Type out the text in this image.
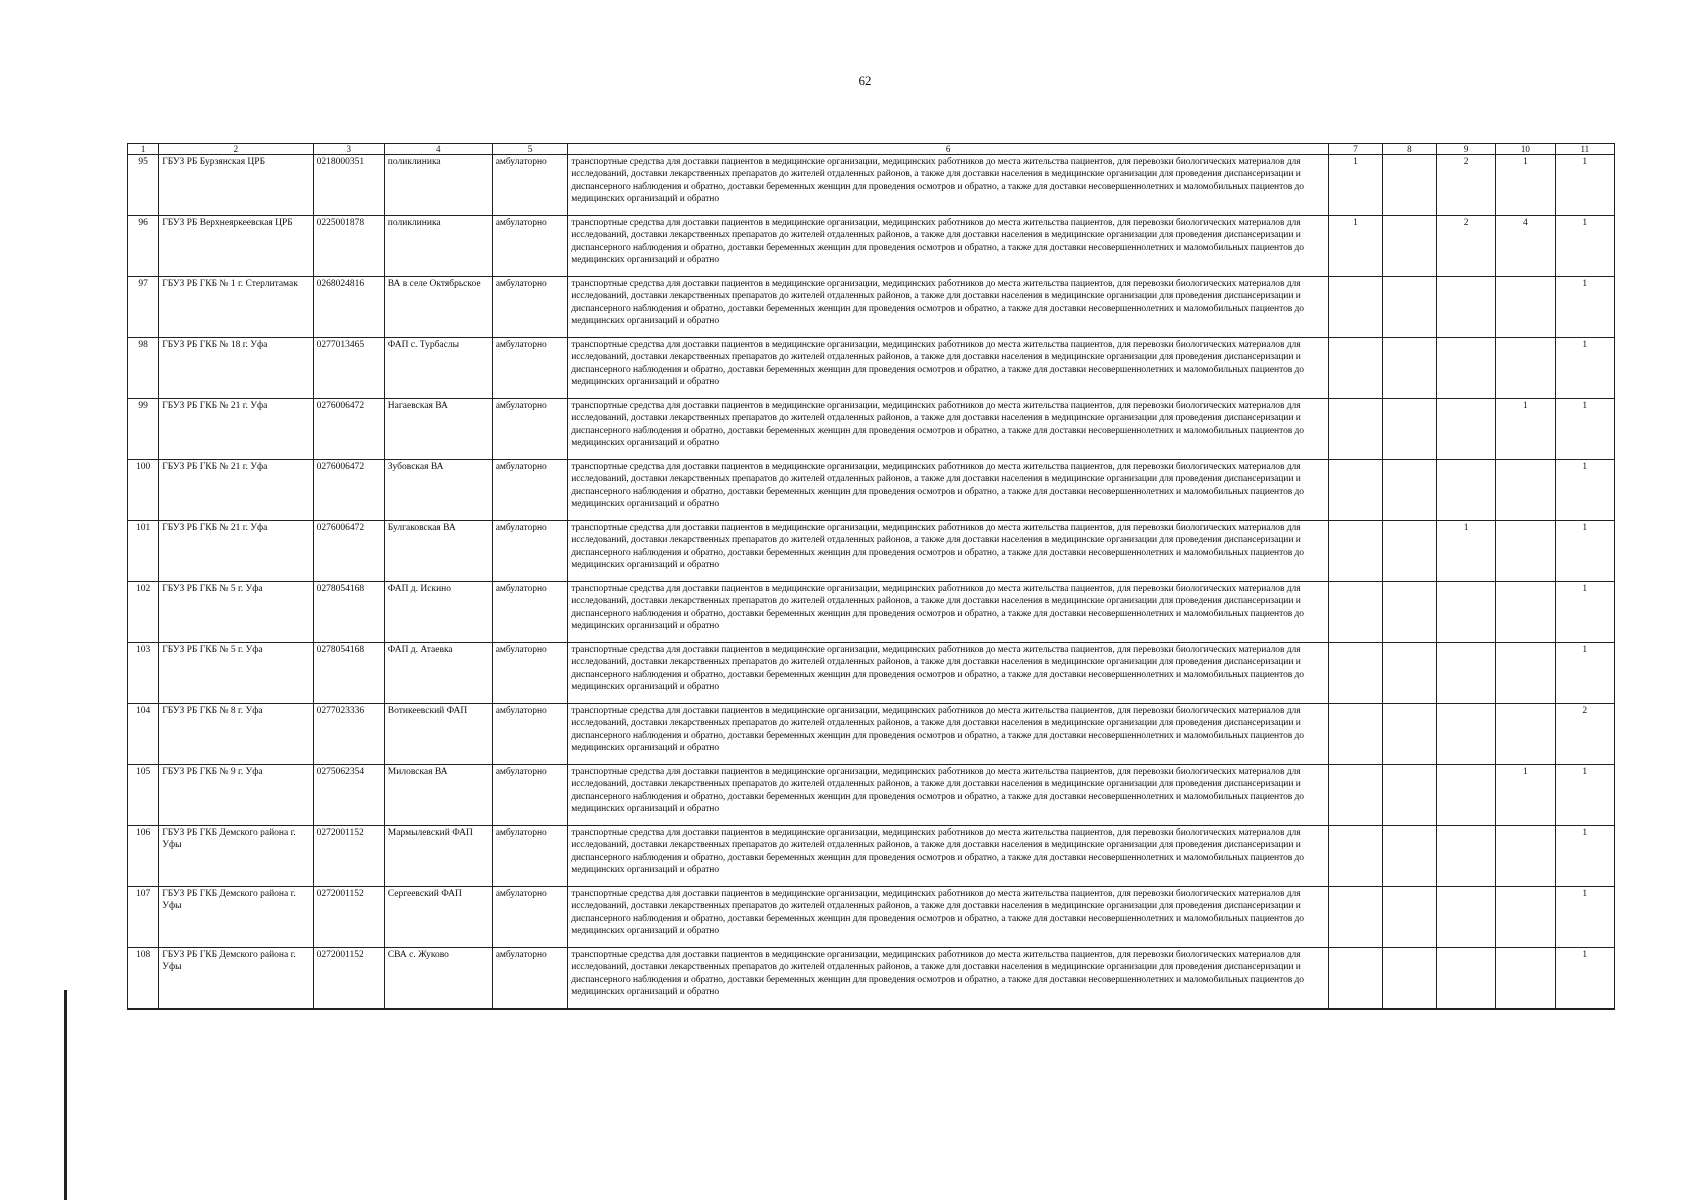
62
1	2	3	4	5	6	7	8	9	10	11
95	ГБУЗ РБ Бурзянская ЦРБ	0218000351	поликлиника	амбулаторно	транспортные средства для доставки пациентов в медицинские организации, медицинских работников до места жительства пациентов, для перевозки биологических материалов для исследований, доставки лекарственных препаратов до жителей отдаленных районов, а также для доставки населения в медицинские организации для проведения диспансеризации и диспансерного наблюдения и обратно, доставки беременных женщин для проведения осмотров и обратно, а также для доставки несовершеннолетних и маломобильных пациентов до медицинских организаций и обратно	1		2	1	1
96	ГБУЗ РБ Верхнеяркеевская ЦРБ	0225001878	поликлиника	амбулаторно	транспортные средства для доставки пациентов в медицинские организации, медицинских работников до места жительства пациентов, для перевозки биологических материалов для исследований, доставки лекарственных препаратов до жителей отдаленных районов, а также для доставки населения в медицинские организации для проведения диспансеризации и диспансерного наблюдения и обратно, доставки беременных женщин для проведения осмотров и обратно, а также для доставки несовершеннолетних и маломобильных пациентов до медицинских организаций и обратно	1		2	4	1
97	ГБУЗ РБ ГКБ № 1 г. Стерлитамак	0268024816	ВА в селе Октябрьское	амбулаторно	транспортные средства для доставки пациентов в медицинские организации, медицинских работников до места жительства пациентов, для перевозки биологических материалов для исследований, доставки лекарственных препаратов до жителей отдаленных районов, а также для доставки населения в медицинские организации для проведения диспансеризации и диспансерного наблюдения и обратно, доставки беременных женщин для проведения осмотров и обратно, а также для доставки несовершеннолетних и маломобильных пациентов до медицинских организаций и обратно					1
98	ГБУЗ РБ ГКБ № 18 г. Уфа	0277013465	ФАП с. Турбаслы	амбулаторно	транспортные средства для доставки пациентов в медицинские организации, медицинских работников до места жительства пациентов, для перевозки биологических материалов для исследований, доставки лекарственных препаратов до жителей отдаленных районов, а также для доставки населения в медицинские организации для проведения диспансеризации и диспансерного наблюдения и обратно, доставки беременных женщин для проведения осмотров и обратно, а также для доставки несовершеннолетних и маломобильных пациентов до медицинских организаций и обратно					1
99	ГБУЗ РБ ГКБ № 21 г. Уфа	0276006472	Нагаевская ВА	амбулаторно	транспортные средства для доставки пациентов в медицинские организации, медицинских работников до места жительства пациентов, для перевозки биологических материалов для исследований, доставки лекарственных препаратов до жителей отдаленных районов, а также для доставки населения в медицинские организации для проведения диспансеризации и диспансерного наблюдения и обратно, доставки беременных женщин для проведения осмотров и обратно, а также для доставки несовершеннолетних и маломобильных пациентов до медицинских организаций и обратно				1	1
100	ГБУЗ РБ ГКБ № 21 г. Уфа	0276006472	Зубовская ВА	амбулаторно	транспортные средства для доставки пациентов в медицинские организации, медицинских работников до места жительства пациентов, для перевозки биологических материалов для исследований, доставки лекарственных препаратов до жителей отдаленных районов, а также для доставки населения в медицинские организации для проведения диспансеризации и диспансерного наблюдения и обратно, доставки беременных женщин для проведения осмотров и обратно, а также для доставки несовершеннолетних и маломобильных пациентов до медицинских организаций и обратно					1
101	ГБУЗ РБ ГКБ № 21 г. Уфа	0276006472	Булгаковская ВА	амбулаторно	транспортные средства для доставки пациентов в медицинские организации, медицинских работников до места жительства пациентов, для перевозки биологических материалов для исследований, доставки лекарственных препаратов до жителей отдаленных районов, а также для доставки населения в медицинские организации для проведения диспансеризации и диспансерного наблюдения и обратно, доставки беременных женщин для проведения осмотров и обратно, а также для доставки несовершеннолетних и маломобильных пациентов до медицинских организаций и обратно			1		1
102	ГБУЗ РБ ГКБ № 5 г. Уфа	0278054168	ФАП д. Искино	амбулаторно	транспортные средства для доставки пациентов в медицинские организации, медицинских работников до места жительства пациентов, для перевозки биологических материалов для исследований, доставки лекарственных препаратов до жителей отдаленных районов, а также для доставки населения в медицинские организации для проведения диспансеризации и диспансерного наблюдения и обратно, доставки беременных женщин для проведения осмотров и обратно, а также для доставки несовершеннолетних и маломобильных пациентов до медицинских организаций и обратно					1
103	ГБУЗ РБ ГКБ № 5 г. Уфа	0278054168	ФАП д. Атаевка	амбулаторно	транспортные средства для доставки пациентов в медицинские организации, медицинских работников до места жительства пациентов, для перевозки биологических материалов для исследований, доставки лекарственных препаратов до жителей отдаленных районов, а также для доставки населения в медицинские организации для проведения диспансеризации и диспансерного наблюдения и обратно, доставки беременных женщин для проведения осмотров и обратно, а также для доставки несовершеннолетних и маломобильных пациентов до медицинских организаций и обратно					1
104	ГБУЗ РБ ГКБ № 8 г. Уфа	0277023336	Вотикеевский ФАП	амбулаторно	транспортные средства для доставки пациентов в медицинские организации, медицинских работников до места жительства пациентов, для перевозки биологических материалов для исследований, доставки лекарственных препаратов до жителей отдаленных районов, а также для доставки населения в медицинские организации для проведения диспансеризации и диспансерного наблюдения и обратно, доставки беременных женщин для проведения осмотров и обратно, а также для доставки несовершеннолетних и маломобильных пациентов до медицинских организаций и обратно					2
105	ГБУЗ РБ ГКБ № 9 г. Уфа	0275062354	Миловская ВА	амбулаторно	транспортные средства для доставки пациентов в медицинские организации, медицинских работников до места жительства пациентов, для перевозки биологических материалов для исследований, доставки лекарственных препаратов до жителей отдаленных районов, а также для доставки населения в медицинские организации для проведения диспансеризации и диспансерного наблюдения и обратно, доставки беременных женщин для проведения осмотров и обратно, а также для доставки несовершеннолетних и маломобильных пациентов до медицинских организаций и обратно				1	1
106	ГБУЗ РБ ГКБ Демского района г. Уфы	0272001152	Мармылевский ФАП	амбулаторно	транспортные средства для доставки пациентов в медицинские организации, медицинских работников до места жительства пациентов, для перевозки биологических материалов для исследований, доставки лекарственных препаратов до жителей отдаленных районов, а также для доставки населения в медицинские организации для проведения диспансеризации и диспансерного наблюдения и обратно, доставки беременных женщин для проведения осмотров и обратно, а также для доставки несовершеннолетних и маломобильных пациентов до медицинских организаций и обратно					1
107	ГБУЗ РБ ГКБ Демского района г. Уфы	0272001152	Сергеевский ФАП	амбулаторно	транспортные средства для доставки пациентов в медицинские организации, медицинских работников до места жительства пациентов, для перевозки биологических материалов для исследований, доставки лекарственных препаратов до жителей отдаленных районов, а также для доставки населения в медицинские организации для проведения диспансеризации и диспансерного наблюдения и обратно, доставки беременных женщин для проведения осмотров и обратно, а также для доставки несовершеннолетних и маломобильных пациентов до медицинских организаций и обратно					1
108	ГБУЗ РБ ГКБ Демского района г. Уфы	0272001152	СВА с. Жуково	амбулаторно	транспортные средства для доставки пациентов в медицинские организации, медицинских работников до места жительства пациентов, для перевозки биологических материалов для исследований, доставки лекарственных препаратов до жителей отдаленных районов, а также для доставки населения в медицинские организации для проведения диспансеризации и диспансерного наблюдения и обратно, доставки беременных женщин для проведения осмотров и обратно, а также для доставки несовершеннолетних и маломобильных пациентов до медицинских организаций и обратно					1
